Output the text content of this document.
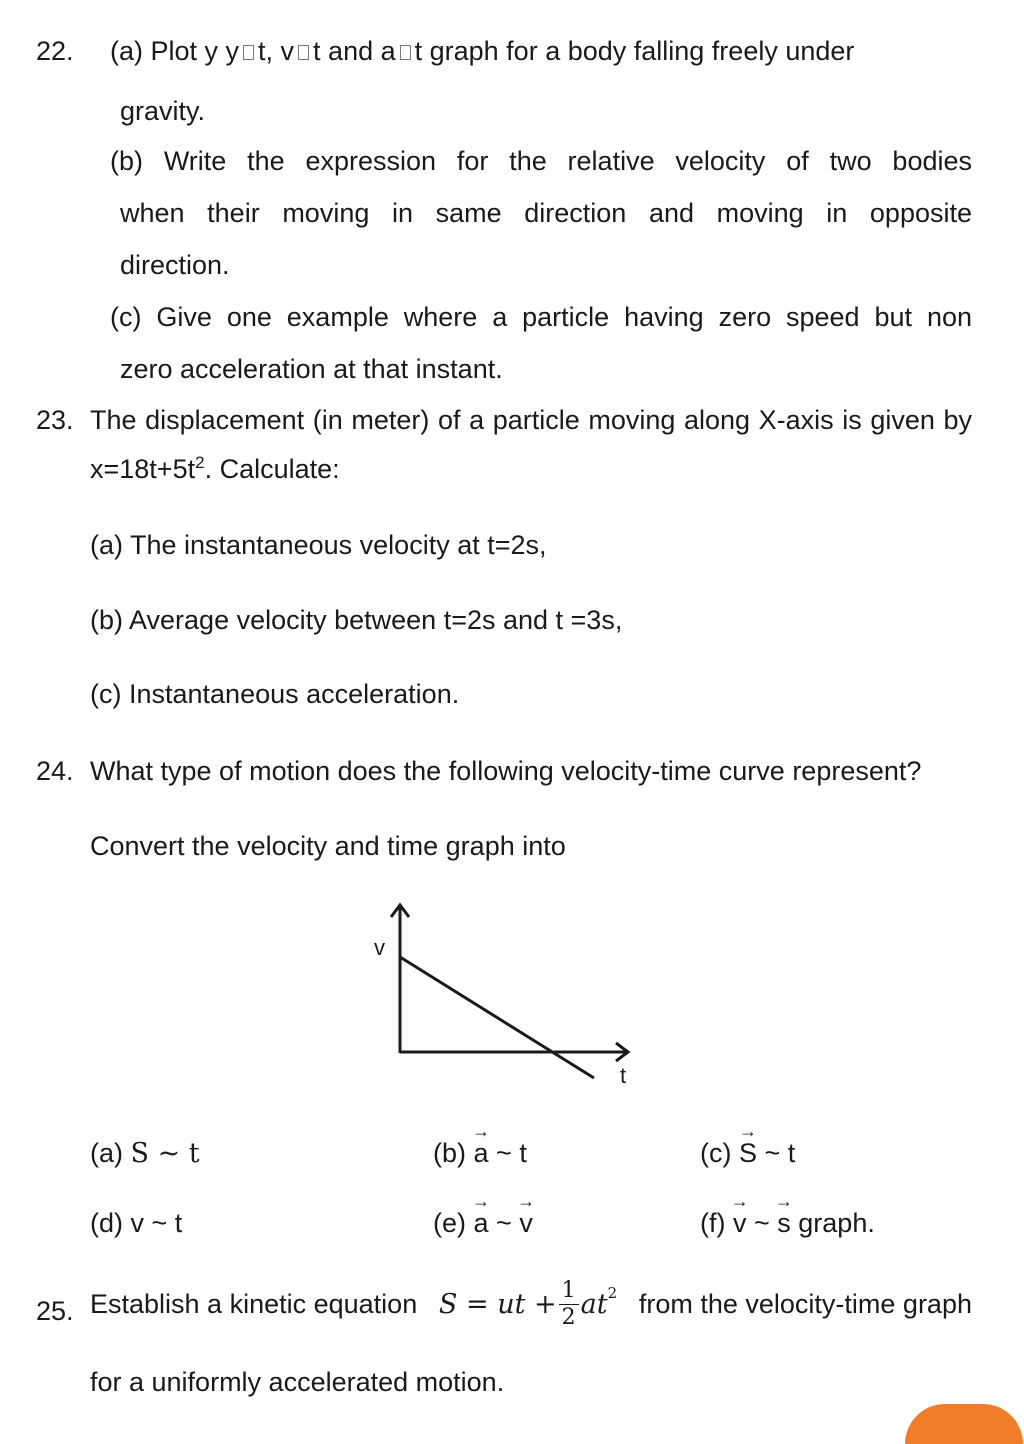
22. (a) Plot y y t, v t and a t graph for a body falling freely under
gravity.
(b) Write the expression for the relative velocity of two bodies
when their moving in same direction and moving in opposite
direction.
(c) Give one example where a particle having zero speed but non
zero acceleration at that instant.
23. The displacement (in meter) of a particle moving along X-axis is given by
$x=18t+5t^2$. Calculate:
(a) The instantaneous velocity at t=2s,
(b) Average velocity between t=2s and t =3s,
(c) Instantaneous acceleration.
24. What type of motion does the following velocity-time curve represent?
Convert the velocity and time graph into
v
t
(a) S ~ t	(b) → a ~ t	(c) → S ~ t
(d) v ~ t	(e) → a ~ → v	(f) → v ~ → s graph.
25. Establish a kinetic equation S = ut + $\frac{1}{2} at^2$ from the velocity-time graph
for a uniformly accelerated motion.
